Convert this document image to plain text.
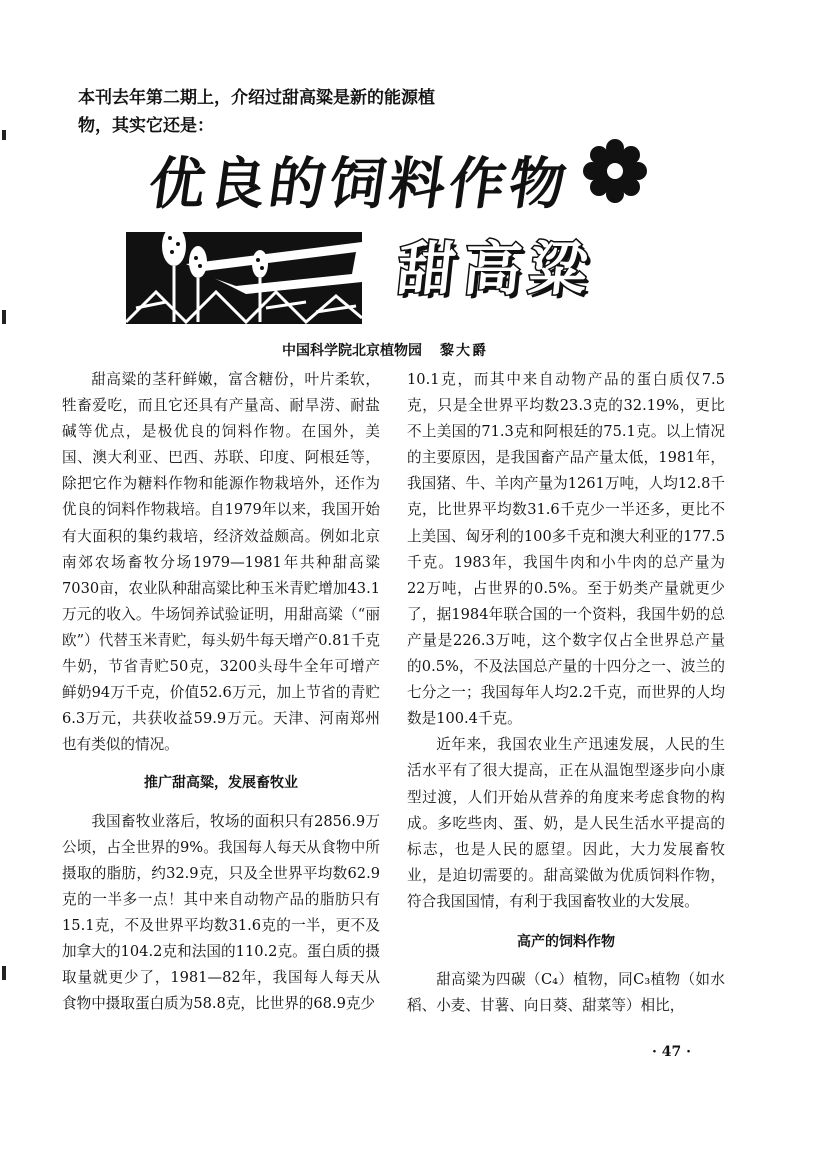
本刊去年第二期上，介绍过甜高粱是新的能源植物，其实它还是：
优良的饲料作物
甜高粱
中国科学院北京植物园 黎大爵

甜高粱的茎秆鲜嫩，富含糖份，叶片柔软，牲畜爱吃，而且它还具有产量高、耐旱涝、耐盐碱等优点，是极优良的饲料作物。在国外，美国、澳大利亚、巴西、苏联、印度、阿根廷等，除把它作为糖料作物和能源作物栽培外，还作为优良的饲料作物栽培。自1979年以来，我国开始有大面积的集约栽培，经济效益颇高。例如北京南郊农场畜牧分场1979—1981年共种甜高粱7030亩，农业队种甜高粱比种玉米青贮增加43.1万元的收入。牛场饲养试验证明，用甜高粱（“丽欧”）代替玉米青贮，每头奶牛每天增产0.81千克牛奶，节省青贮50克，3200头母牛全年可增产鲜奶94万千克，价值52.6万元，加上节省的青贮6.3万元，共获收益59.9万元。天津、河南郑州也有类似的情况。

推广甜高粱，发展畜牧业

我国畜牧业落后，牧场的面积只有2856.9万公顷，占全世界的9%。我国每人每天从食物中所摄取的脂肪，约32.9克，只及全世界平均数62.9克的一半多一点！其中来自动物产品的脂肪只有15.1克，不及世界平均数31.6克的一半，更不及加拿大的104.2克和法国的110.2克。蛋白质的摄取量就更少了，1981—82年，我国每人每天从食物中摄取蛋白质为58.8克，比世界的68.9克少

10.1克，而其中来自动物产品的蛋白质仅7.5克，只是全世界平均数23.3克的32.19%，更比不上美国的71.3克和阿根廷的75.1克。以上情况的主要原因，是我国畜产品产量太低，1981年，我国猪、牛、羊肉产量为1261万吨，人均12.8千克，比世界平均数31.6千克少一半还多，更比不上美国、匈牙利的100多千克和澳大利亚的177.5千克。1983年，我国牛肉和小牛肉的总产量为22万吨，占世界的0.5%。至于奶类产量就更少了，据1984年联合国的一个资料，我国牛奶的总产量是226.3万吨，这个数字仅占全世界总产量的0.5%，不及法国总产量的十四分之一、波兰的七分之一；我国每年人均2.2千克，而世界的人均数是100.4千克。

近年来，我国农业生产迅速发展，人民的生活水平有了很大提高，正在从温饱型逐步向小康型过渡，人们开始从营养的角度来考虑食物的构成。多吃些肉、蛋、奶，是人民生活水平提高的标志，也是人民的愿望。因此，大力发展畜牧业，是迫切需要的。甜高粱做为优质饲料作物，符合我国国情，有利于我国畜牧业的大发展。

高产的饲料作物

甜高粱为四碳（C₄）植物，同C₃植物（如水稻、小麦、甘薯、向日葵、甜菜等）相比，

· 47 ·
